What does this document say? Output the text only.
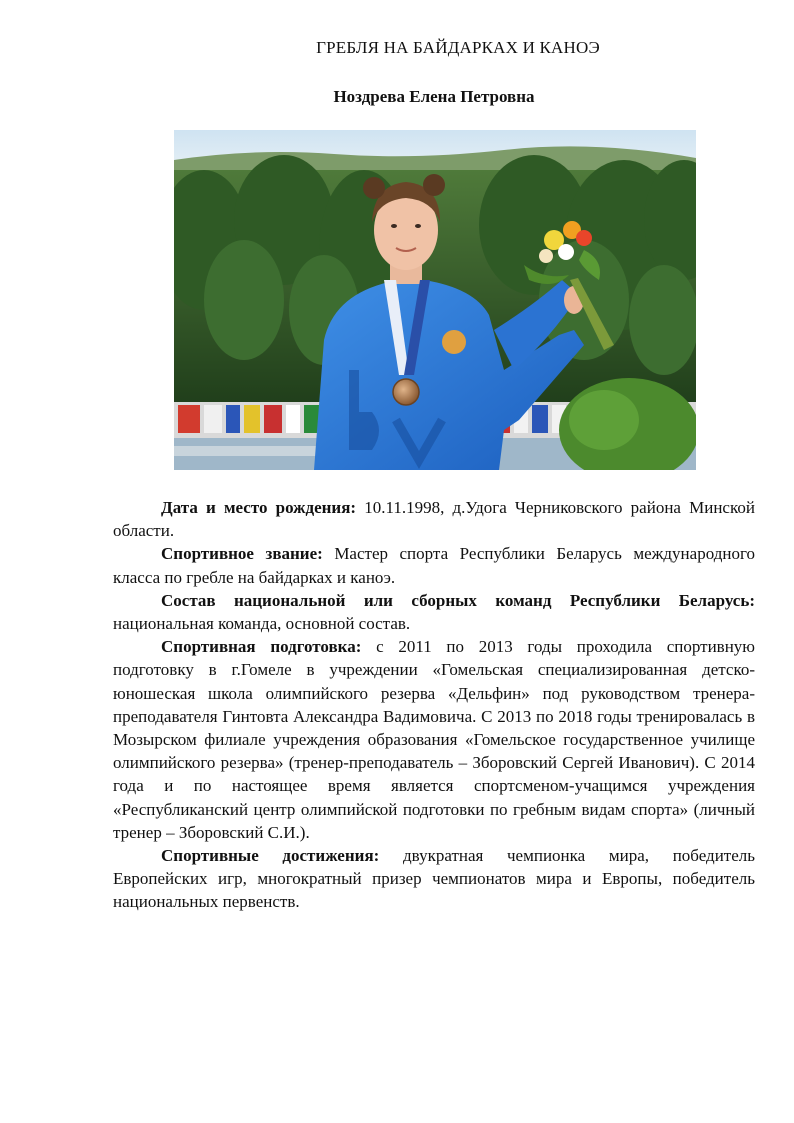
ГРЕБЛЯ НА БАЙДАРКАХ И КАНОЭ
Ноздрева Елена Петровна

Дата и место рождения: 10.11.1998, д.Удога Черниковского района Минской области.

Спортивное звание: Мастер спорта Республики Беларусь международного класса по гребле на байдарках и каноэ.

Состав национальной или сборных команд Республики Беларусь: национальная команда, основной состав.

Спортивная подготовка: с 2011 по 2013 годы проходила спортивную подготовку в г.Гомеле в учреждении «Гомельская специализированная детско-юношеская школа олимпийского резерва «Дельфин» под руководством тренера-преподавателя Гинтовта Александра Вадимовича. С 2013 по 2018 годы тренировалась в Мозырском филиале учреждения образования «Гомельское государственное училище олимпийского резерва» (тренер-преподаватель – Зборовский Сергей Иванович). С 2014 года и по настоящее время является спортсменом-учащимся учреждения «Республиканский центр олимпийской подготовки по гребным видам спорта» (личный тренер – Зборовский С.И.).

Спортивные достижения: двукратная чемпионка мира, победитель Европейских игр, многократный призер чемпионатов мира и Европы, победитель национальных первенств.
